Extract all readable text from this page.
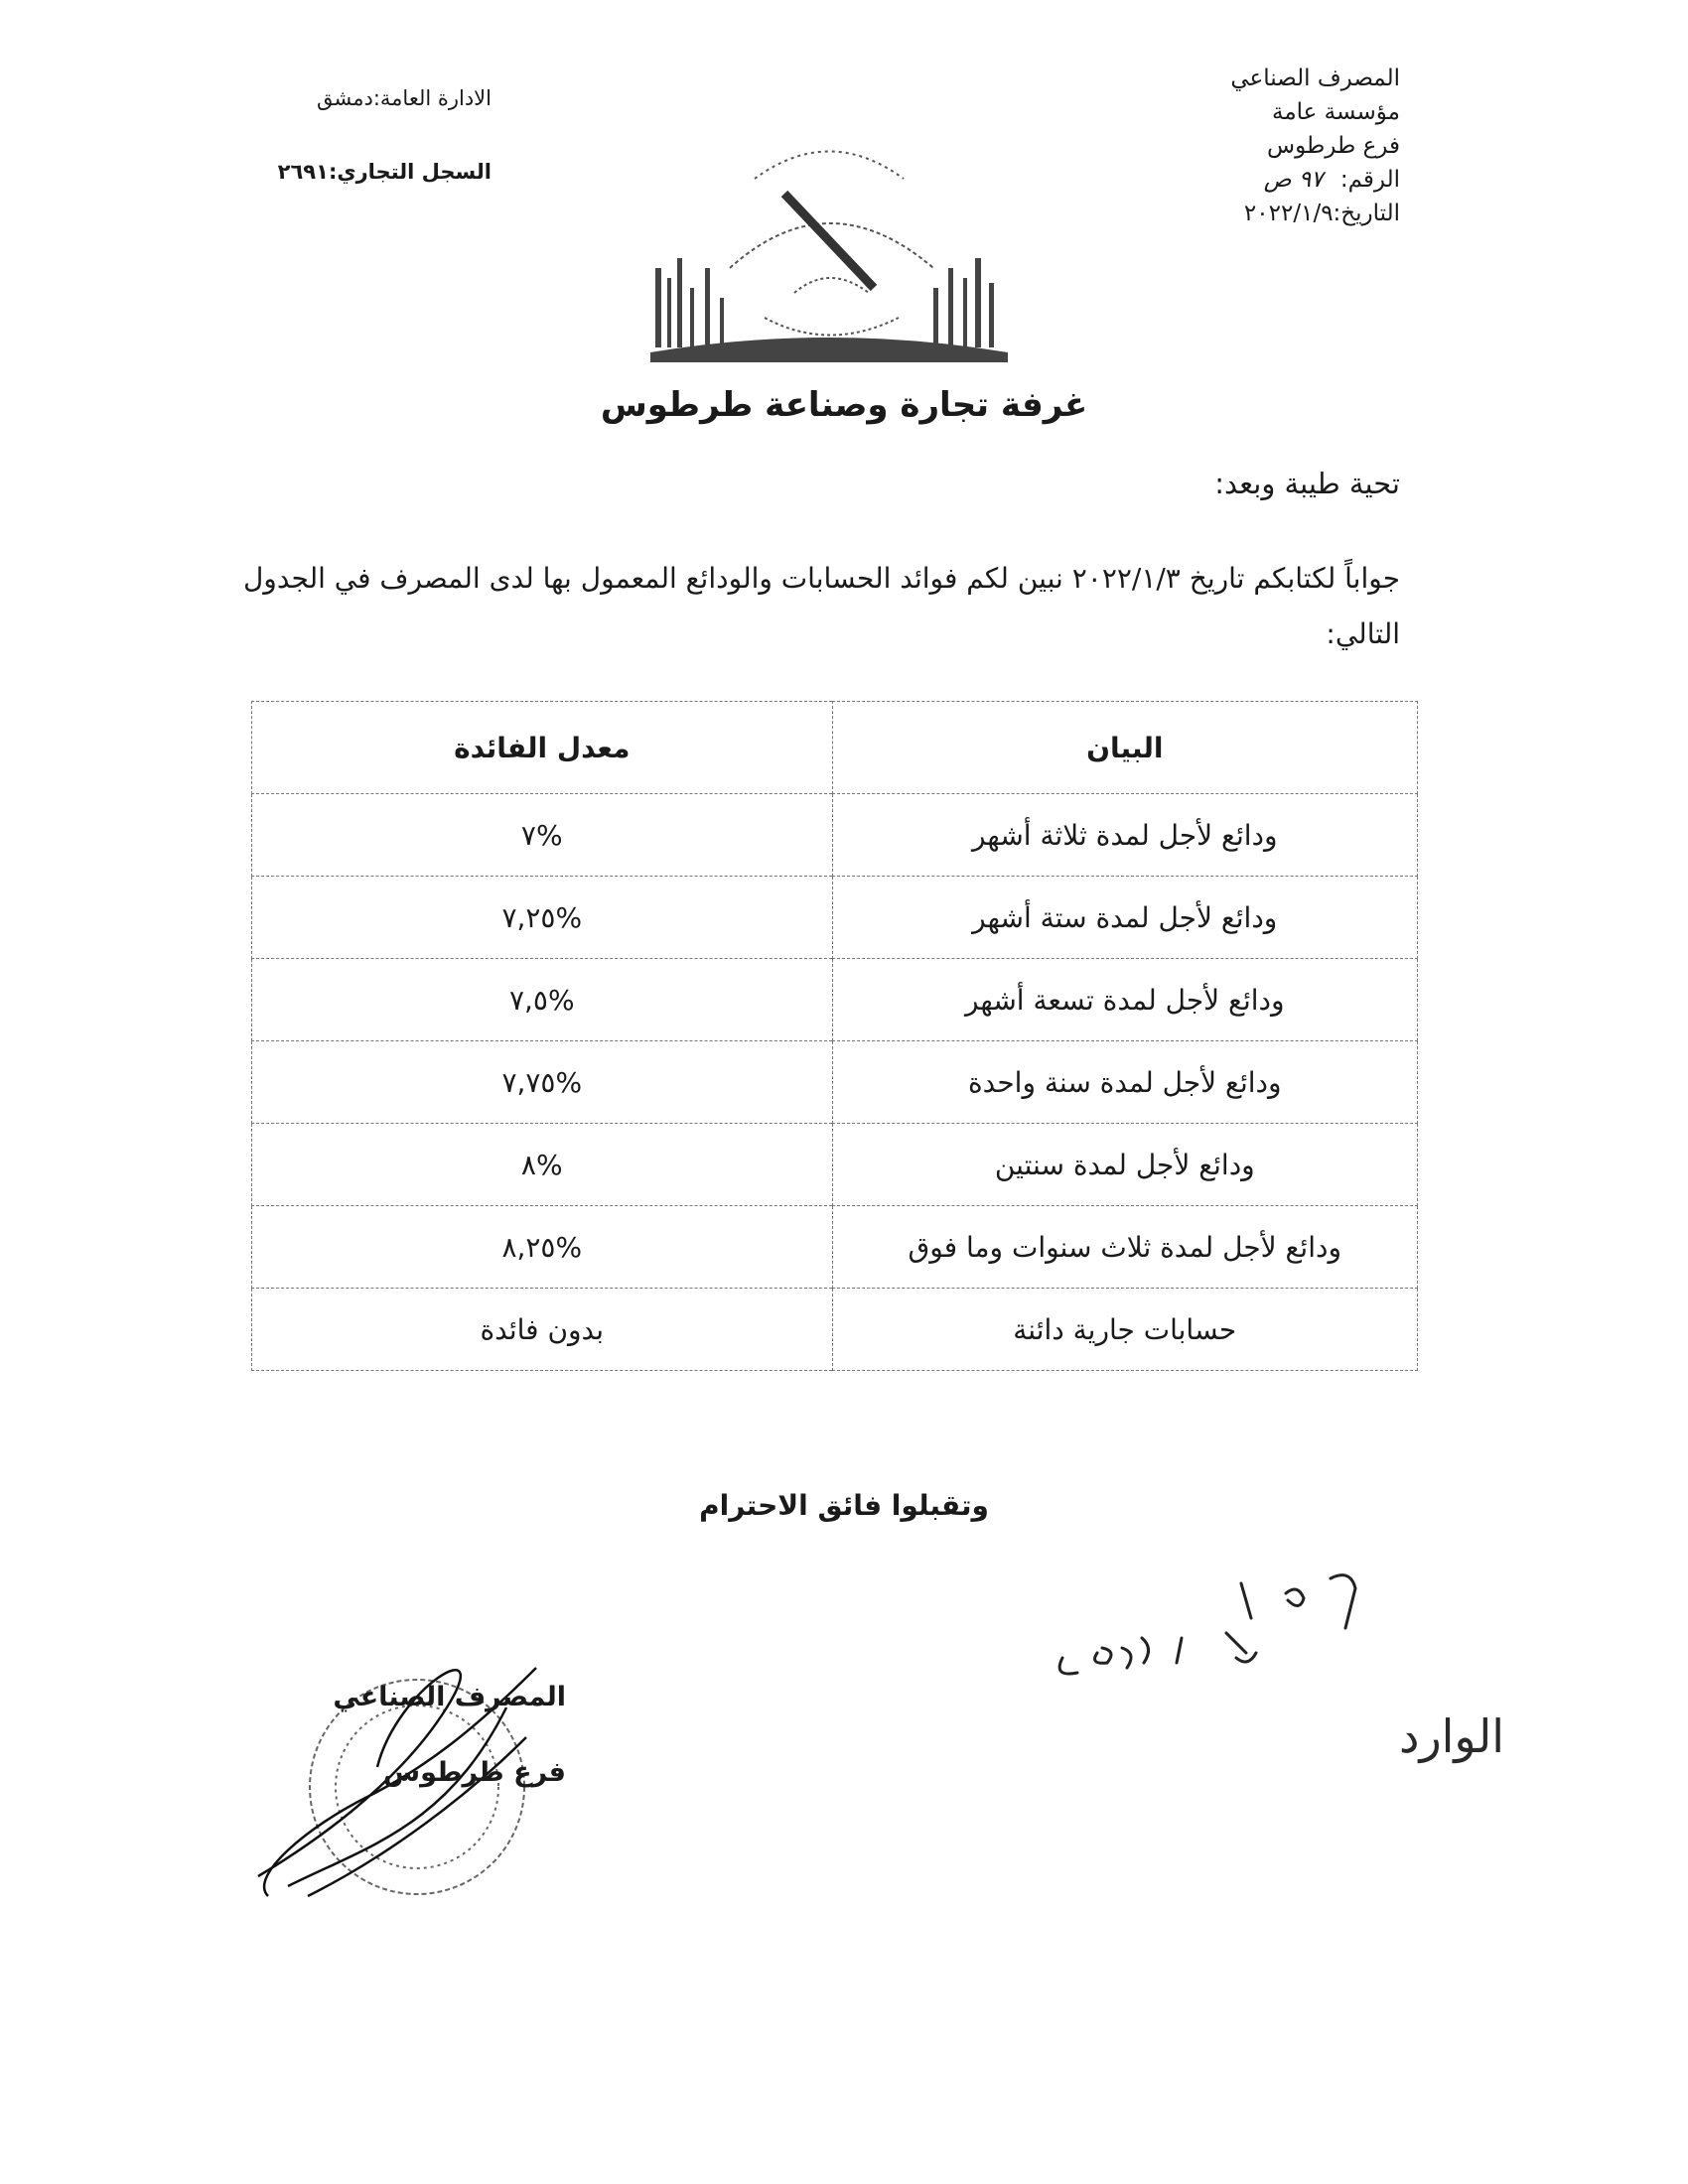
المصرف الصناعي
مؤسسة عامة
فرع طرطوس
الرقم: ٩٧ ص
التاريخ:٢٠٢٢/١/٩
الادارة العامة:دمشق
السجل التجاري:٢٦٩١
غرفة تجارة وصناعة طرطوس
تحية طيبة وبعد:
جواباً لكتابكم تاريخ ٢٠٢٢/١/٣ نبين لكم فوائد الحسابات والودائع المعمول بها لدى المصرف في الجدول التالي:
البيان	معدل الفائدة
ودائع لأجل لمدة ثلاثة أشهر	%٧
ودائع لأجل لمدة ستة أشهر	%٧,٢٥
ودائع لأجل لمدة تسعة أشهر	%٧,٥
ودائع لأجل لمدة سنة واحدة	%٧,٧٥
ودائع لأجل لمدة سنتين	%٨
ودائع لأجل لمدة ثلاث سنوات وما فوق	%٨,٢٥
حسابات جارية دائنة	بدون فائدة
وتقبلوا فائق الاحترام
المصرف الصناعي
فرع طرطوس
الوارد
